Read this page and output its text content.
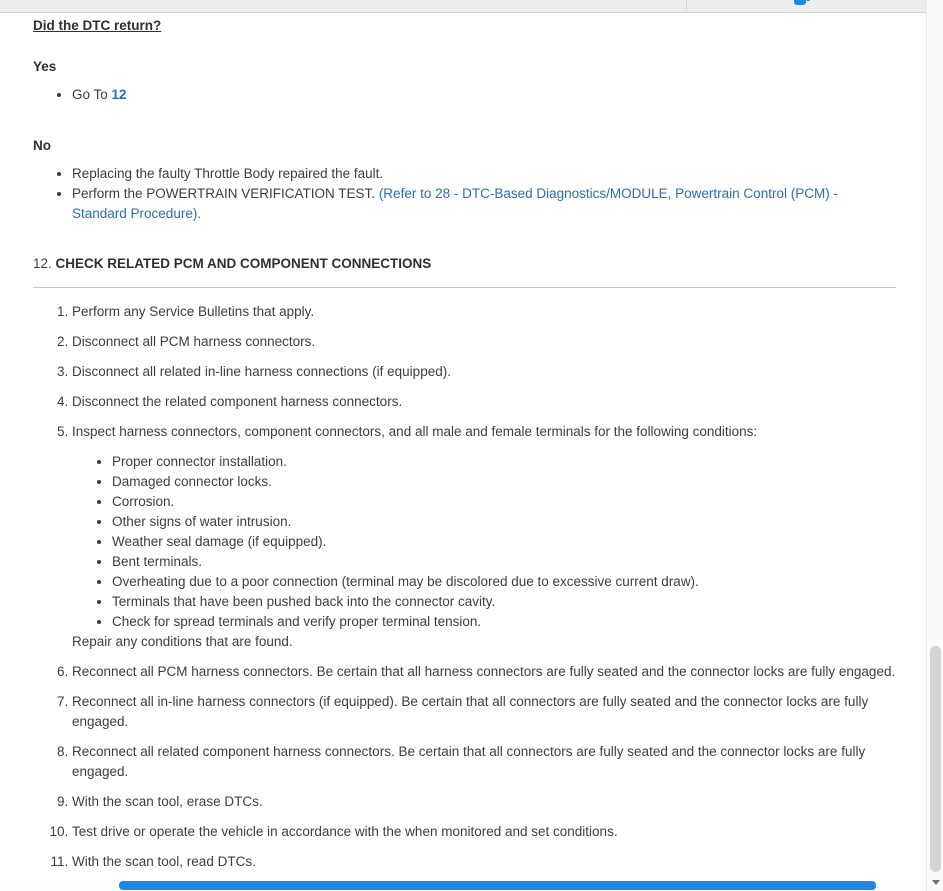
Did the DTC return?
Yes
• Go To 12
No
• Replacing the faulty Throttle Body repaired the fault.
• Perform the POWERTRAIN VERIFICATION TEST. (Refer to 28 - DTC-Based Diagnostics/MODULE, Powertrain Control (PCM) - Standard Procedure).
12. CHECK RELATED PCM AND COMPONENT CONNECTIONS
1. Perform any Service Bulletins that apply.
2. Disconnect all PCM harness connectors.
3. Disconnect all related in-line harness connections (if equipped).
4. Disconnect the related component harness connectors.
5. Inspect harness connectors, component connectors, and all male and female terminals for the following conditions:
• Proper connector installation.
• Damaged connector locks.
• Corrosion.
• Other signs of water intrusion.
• Weather seal damage (if equipped).
• Bent terminals.
• Overheating due to a poor connection (terminal may be discolored due to excessive current draw).
• Terminals that have been pushed back into the connector cavity.
• Check for spread terminals and verify proper terminal tension.
Repair any conditions that are found.
6. Reconnect all PCM harness connectors. Be certain that all harness connectors are fully seated and the connector locks are fully engaged.
7. Reconnect all in-line harness connectors (if equipped). Be certain that all connectors are fully seated and the connector locks are fully engaged.
8. Reconnect all related component harness connectors. Be certain that all connectors are fully seated and the connector locks are fully engaged.
9. With the scan tool, erase DTCs.
10. Test drive or operate the vehicle in accordance with the when monitored and set conditions.
11. With the scan tool, read DTCs.
